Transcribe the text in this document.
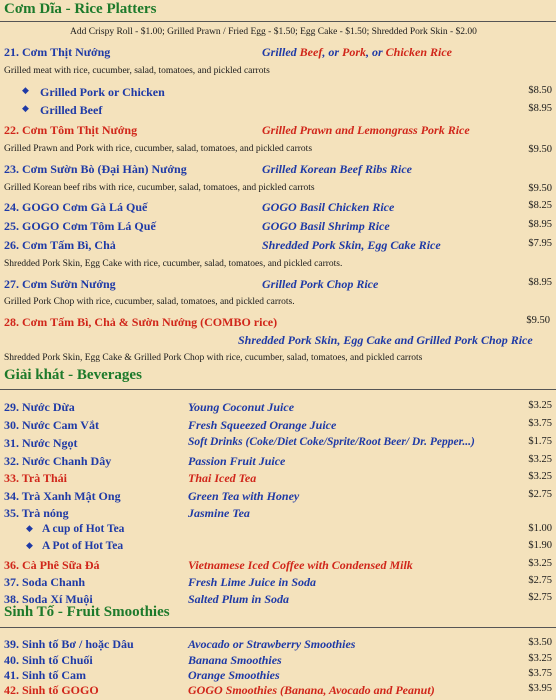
Cơm Dĩa - Rice Platters
Add Crispy Roll - $1.00; Grilled Prawn / Fried Egg - $1.50; Egg Cake - $1.50; Shredded Pork Skin - $2.00
21. Cơm Thịt Nướng	Grilled Beef, or Pork, or Chicken Rice
Grilled meat with rice, cucumber, salad, tomatoes, and pickled carrots
◆ Grilled Pork or Chicken	$8.50
◆ Grilled Beef	$8.95
22. Cơm Tôm Thịt Nướng	Grilled Prawn and Lemongrass Pork Rice
Grilled Prawn and Pork with rice, cucumber, salad, tomatoes, and pickled carrots	$9.50
23. Cơm Sườn Bò (Đại Hàn) Nướng	Grilled Korean Beef Ribs Rice
Grilled Korean beef ribs with rice, cucumber, salad, tomatoes, and pickled carrots	$9.50
24. GOGO Cơm Gà Lá Quế	GOGO Basil Chicken Rice	$8.25
25. GOGO Cơm Tôm Lá Quế	GOGO Basil Shrimp Rice	$8.95
26. Cơm Tấm Bì, Chả	Shredded Pork Skin, Egg Cake Rice	$7.95
Shredded Pork Skin, Egg Cake with rice, cucumber, salad, tomatoes, and pickled carrots.
27. Cơm Sườn Nướng	Grilled Pork Chop Rice	$8.95
Grilled Pork Chop with rice, cucumber, salad, tomatoes, and pickled carrots.
28. Cơm Tấm Bì, Chả & Sườn Nướng (COMBO rice)	$9.50
Shredded Pork Skin, Egg Cake and Grilled Pork Chop Rice
Shredded Pork Skin, Egg Cake & Grilled Pork Chop with rice, cucumber, salad, tomatoes, and pickled carrots
Giải khát - Beverages
29. Nước Dừa	Young Coconut Juice	$3.25
30. Nước Cam Vắt	Fresh Squeezed Orange Juice	$3.75
31. Nước Ngọt	Soft Drinks (Coke/Diet Coke/Sprite/Root Beer/ Dr. Pepper...)	$1.75
32. Nước Chanh Dây	Passion Fruit Juice	$3.25
33. Trà Thái	Thai Iced Tea	$3.25
34. Trà Xanh Mật Ong	Green Tea with Honey	$2.75
35. Trà nóng	Jasmine Tea
◆ A cup of Hot Tea	$1.00
◆ A Pot of Hot Tea	$1.90
36. Cà Phê Sữa Đá	Vietnamese Iced Coffee with Condensed Milk	$3.25
37. Soda Chanh	Fresh Lime Juice in Soda	$2.75
38. Soda Xí Muội	Salted Plum in Soda	$2.75
Sinh Tố - Fruit Smoothies
39. Sinh tố Bơ / hoặc Dâu	Avocado or Strawberry Smoothies	$3.50
40. Sinh tố Chuối	Banana Smoothies	$3.25
41. Sinh tố Cam	Orange Smoothies	$3.75
42. Sinh tố GOGO	GOGO Smoothies (Banana, Avocado and Peanut)	$3.95
